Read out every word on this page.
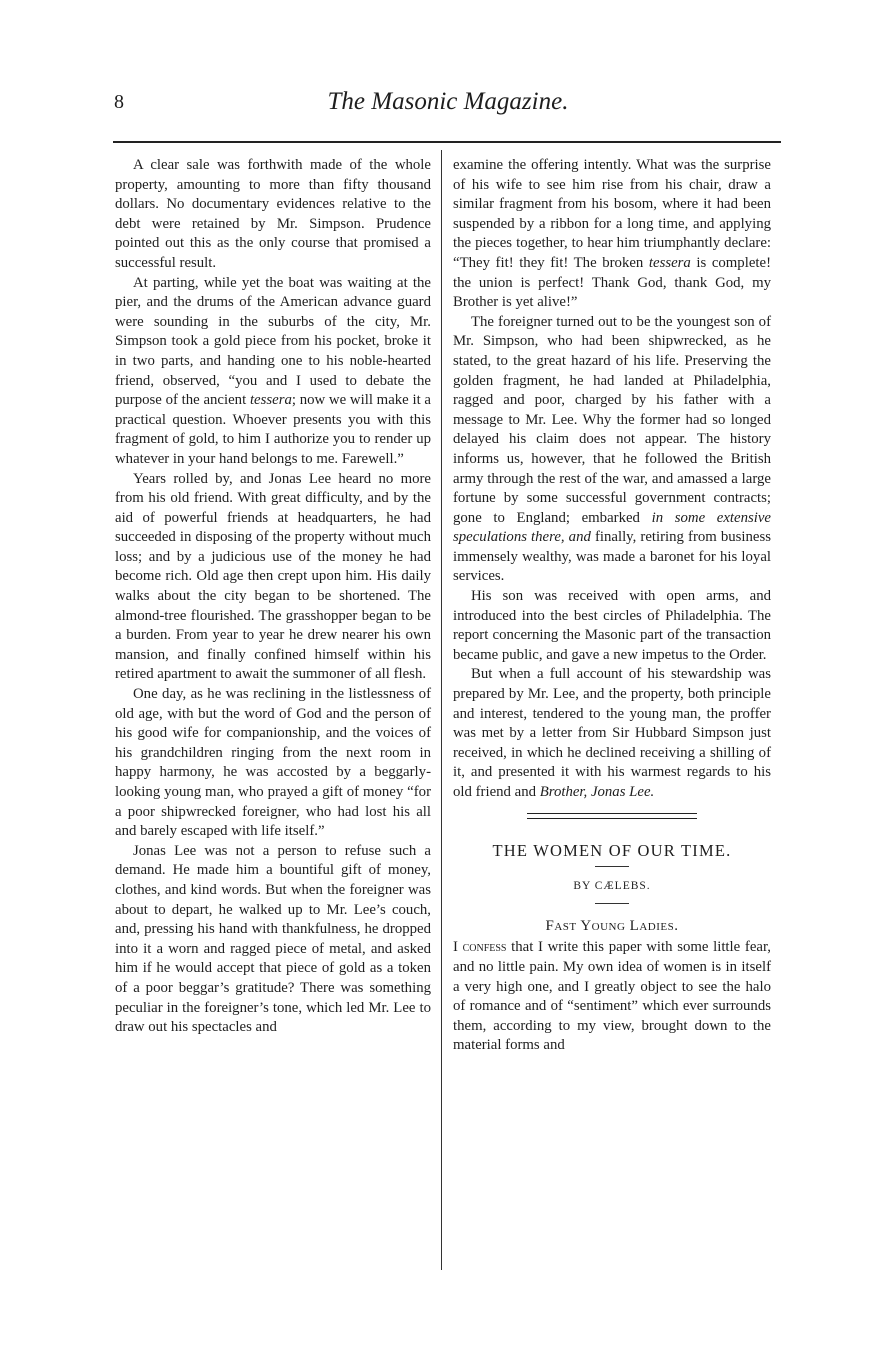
8	The Masonic Magazine.

A clear sale was forthwith made of the whole property, amounting to more than fifty thousand dollars. No documentary evidences relative to the debt were retained by Mr. Simpson. Prudence pointed out this as the only course that promised a successful result.

At parting, while yet the boat was waiting at the pier, and the drums of the American advance guard were sounding in the suburbs of the city, Mr. Simpson took a gold piece from his pocket, broke it in two parts, and handing one to his noble-hearted friend, observed, “you and I used to debate the purpose of the ancient tessera; now we will make it a practical question. Whoever presents you with this fragment of gold, to him I authorize you to render up whatever in your hand belongs to me. Farewell.”

Years rolled by, and Jonas Lee heard no more from his old friend. With great difficulty, and by the aid of powerful friends at headquarters, he had succeeded in disposing of the property without much loss; and by a judicious use of the money he had become rich. Old age then crept upon him. His daily walks about the city began to be shortened. The almond-tree flourished. The grasshopper began to be a burden. From year to year he drew nearer his own mansion, and finally confined himself within his retired apartment to await the summoner of all flesh.

One day, as he was reclining in the listlessness of old age, with but the word of God and the person of his good wife for companionship, and the voices of his grandchildren ringing from the next room in happy harmony, he was accosted by a beggarly-looking young man, who prayed a gift of money “for a poor shipwrecked foreigner, who had lost his all and barely escaped with life itself.”

Jonas Lee was not a person to refuse such a demand. He made him a bountiful gift of money, clothes, and kind words. But when the foreigner was about to depart, he walked up to Mr. Lee’s couch, and, pressing his hand with thankfulness, he dropped into it a worn and ragged piece of metal, and asked him if he would accept that piece of gold as a token of a poor beggar’s gratitude? There was something peculiar in the foreigner’s tone, which led Mr. Lee to draw out his spectacles and

examine the offering intently. What was the surprise of his wife to see him rise from his chair, draw a similar fragment from his bosom, where it had been suspended by a ribbon for a long time, and applying the pieces together, to hear him triumphantly declare: “They fit! they fit! The broken tessera is complete! the union is perfect! Thank God, thank God, my Brother is yet alive!”

The foreigner turned out to be the youngest son of Mr. Simpson, who had been shipwrecked, as he stated, to the great hazard of his life. Preserving the golden fragment, he had landed at Philadelphia, ragged and poor, charged by his father with a message to Mr. Lee. Why the former had so longed delayed his claim does not appear. The history informs us, however, that he followed the British army through the rest of the war, and amassed a large fortune by some successful government contracts; gone to England; embarked in some extensive speculations there, and finally, retiring from business immensely wealthy, was made a baronet for his loyal services.

His son was received with open arms, and introduced into the best circles of Philadelphia. The report concerning the Masonic part of the transaction became public, and gave a new impetus to the Order.

But when a full account of his stewardship was prepared by Mr. Lee, and the property, both principle and interest, tendered to the young man, the proffer was met by a letter from Sir Hubbard Simpson just received, in which he declined receiving a shilling of it, and presented it with his warmest regards to his old friend and Brother, Jonas Lee.

THE WOMEN OF OUR TIME.
BY CÆLEBS.
Fast Young Ladies.

I confess that I write this paper with some little fear, and no little pain. My own idea of women is in itself a very high one, and I greatly object to see the halo of romance and of “sentiment” which ever surrounds them, according to my view, brought down to the material forms and
